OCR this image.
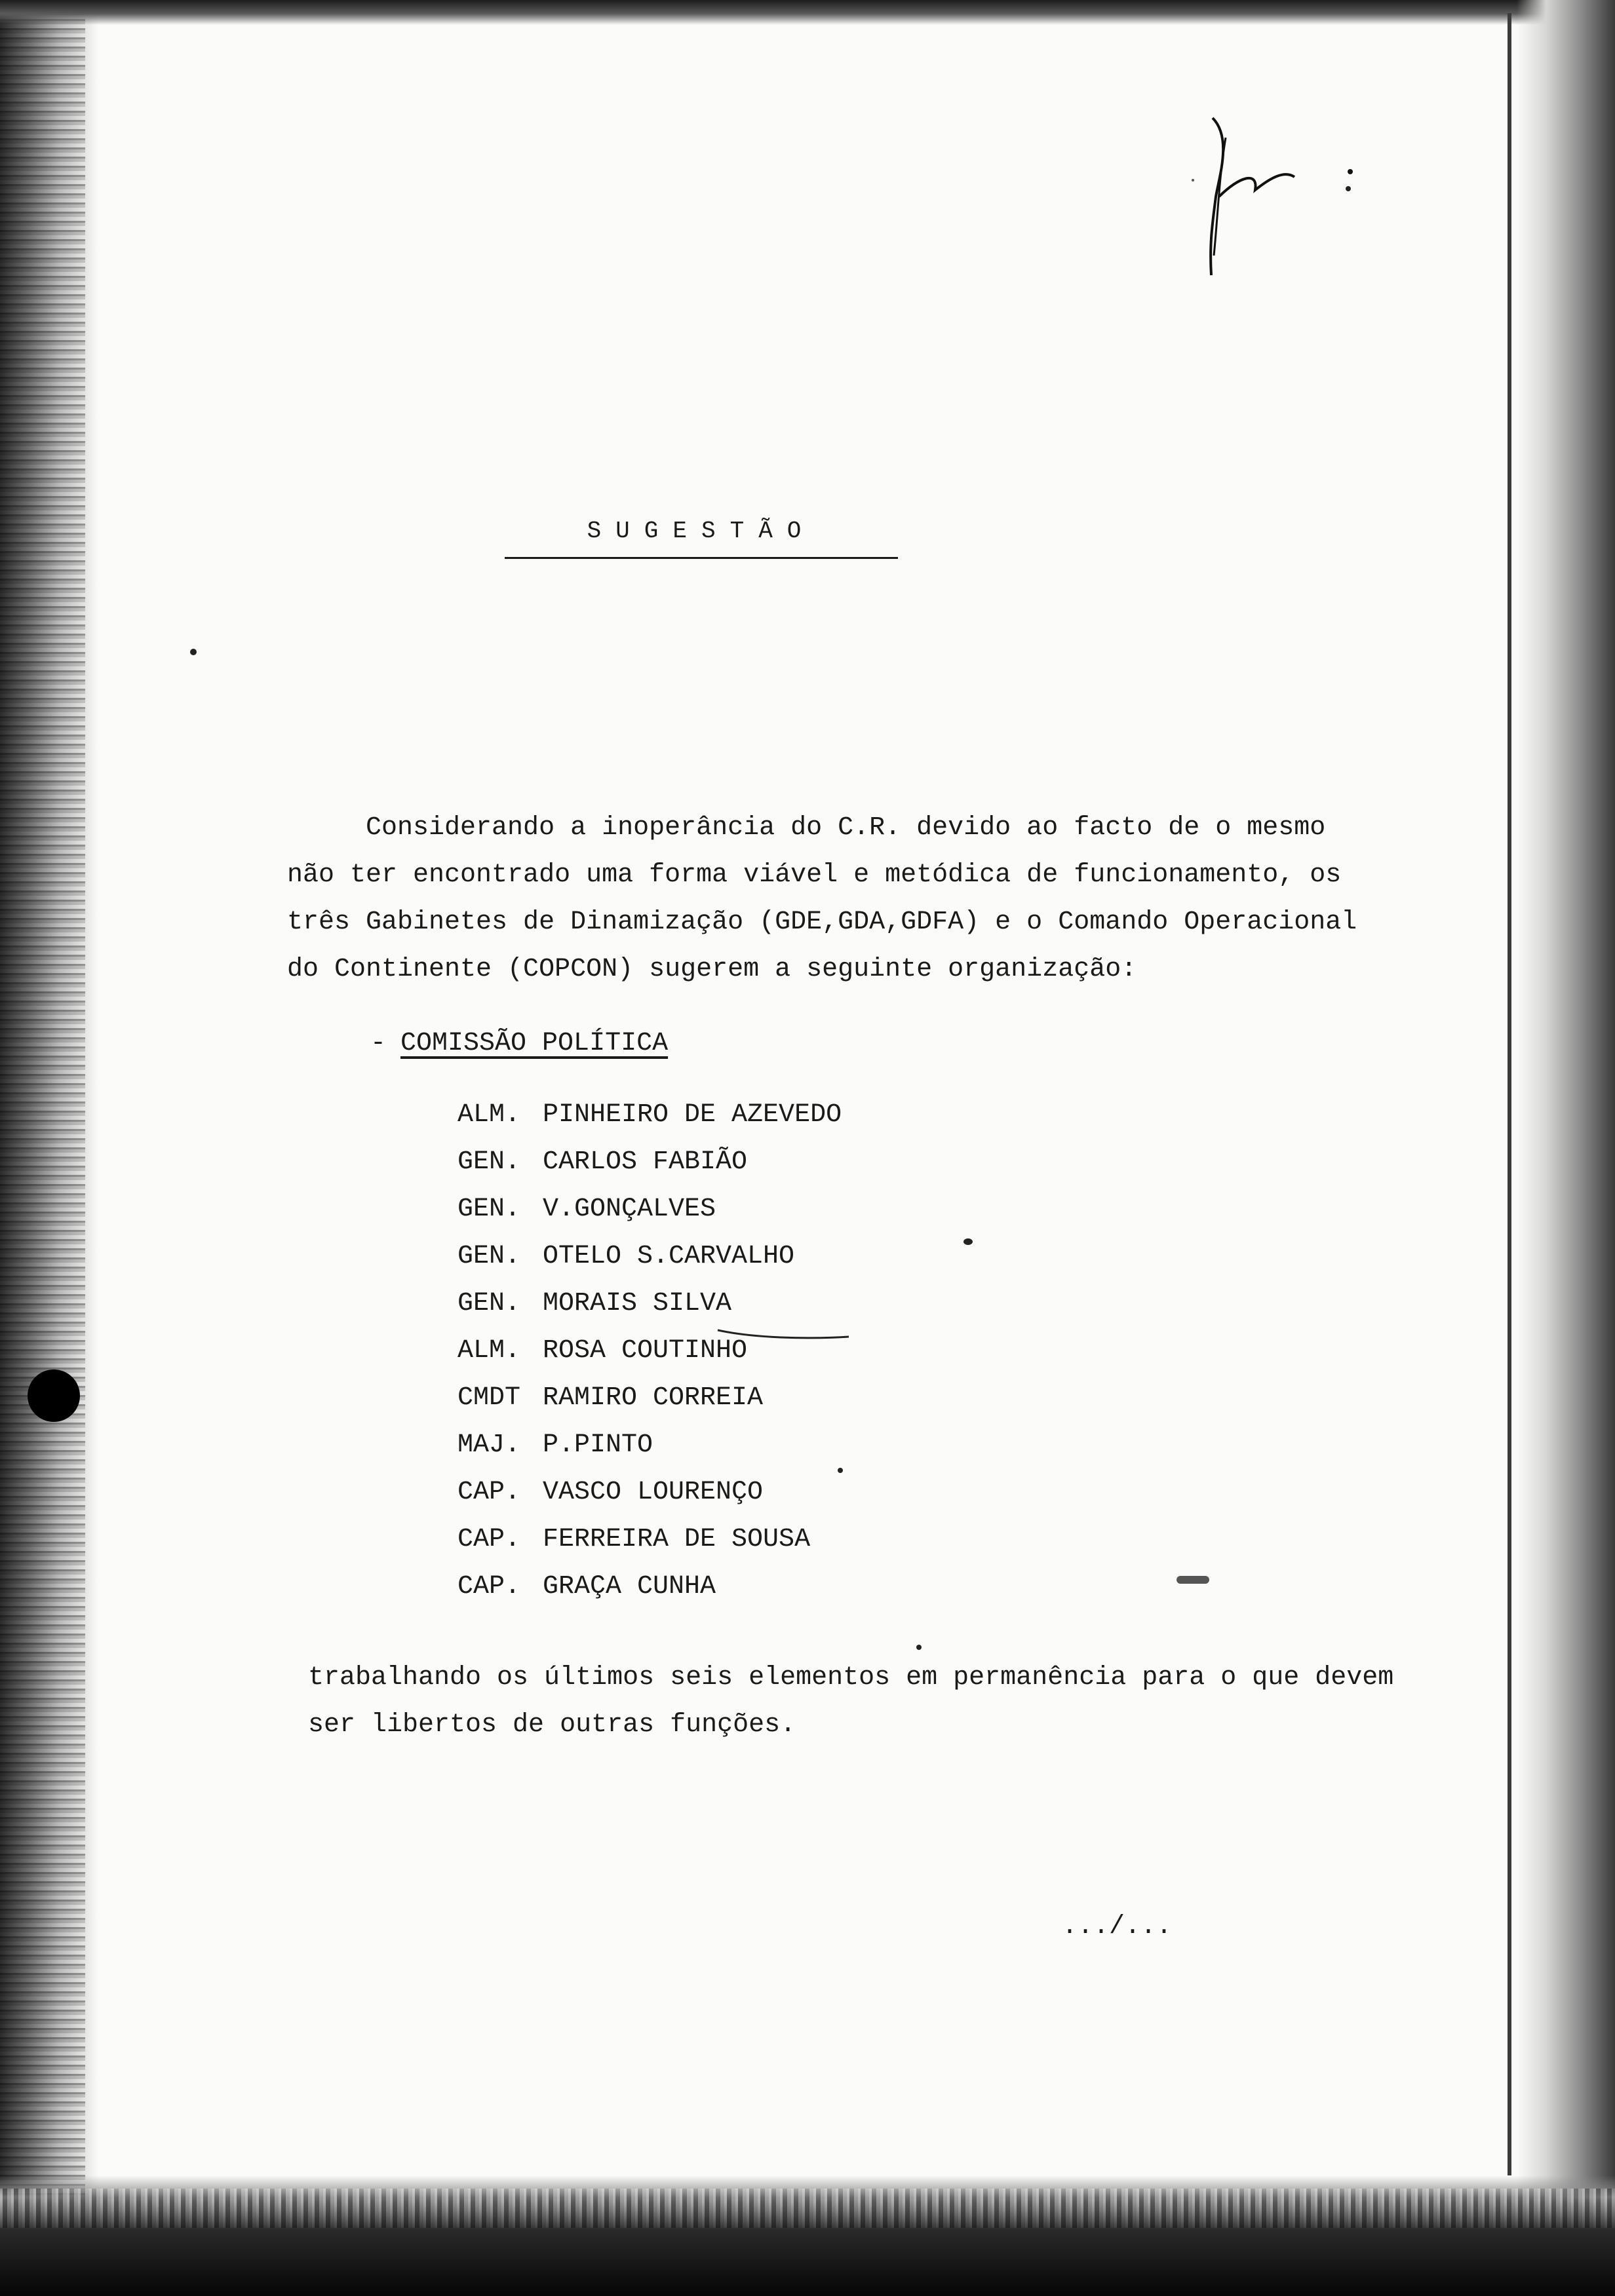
SUGESTÃO

Considerando a inoperância do C.R. devido ao facto de o mesmo
não ter encontrado uma forma viável e metódica de funcionamento, os
três Gabinetes de Dinamização (GDE,GDA,GDFA) e o Comando Operacional
do Continente (COPCON) sugerem a seguinte organização:

- COMISSÃO POLÍTICA
ALM. PINHEIRO DE AZEVEDO
GEN. CARLOS FABIÃO
GEN. V.GONÇALVES
GEN. OTELO S.CARVALHO
GEN. MORAIS SILVA
ALM. ROSA COUTINHO
CMDT RAMIRO CORREIA
MAJ. P.PINTO
CAP. VASCO LOURENÇO
CAP. FERREIRA DE SOUSA
CAP. GRAÇA CUNHA

trabalhando os últimos seis elementos em permanência para o que devem
ser libertos de outras funções.

.../...
